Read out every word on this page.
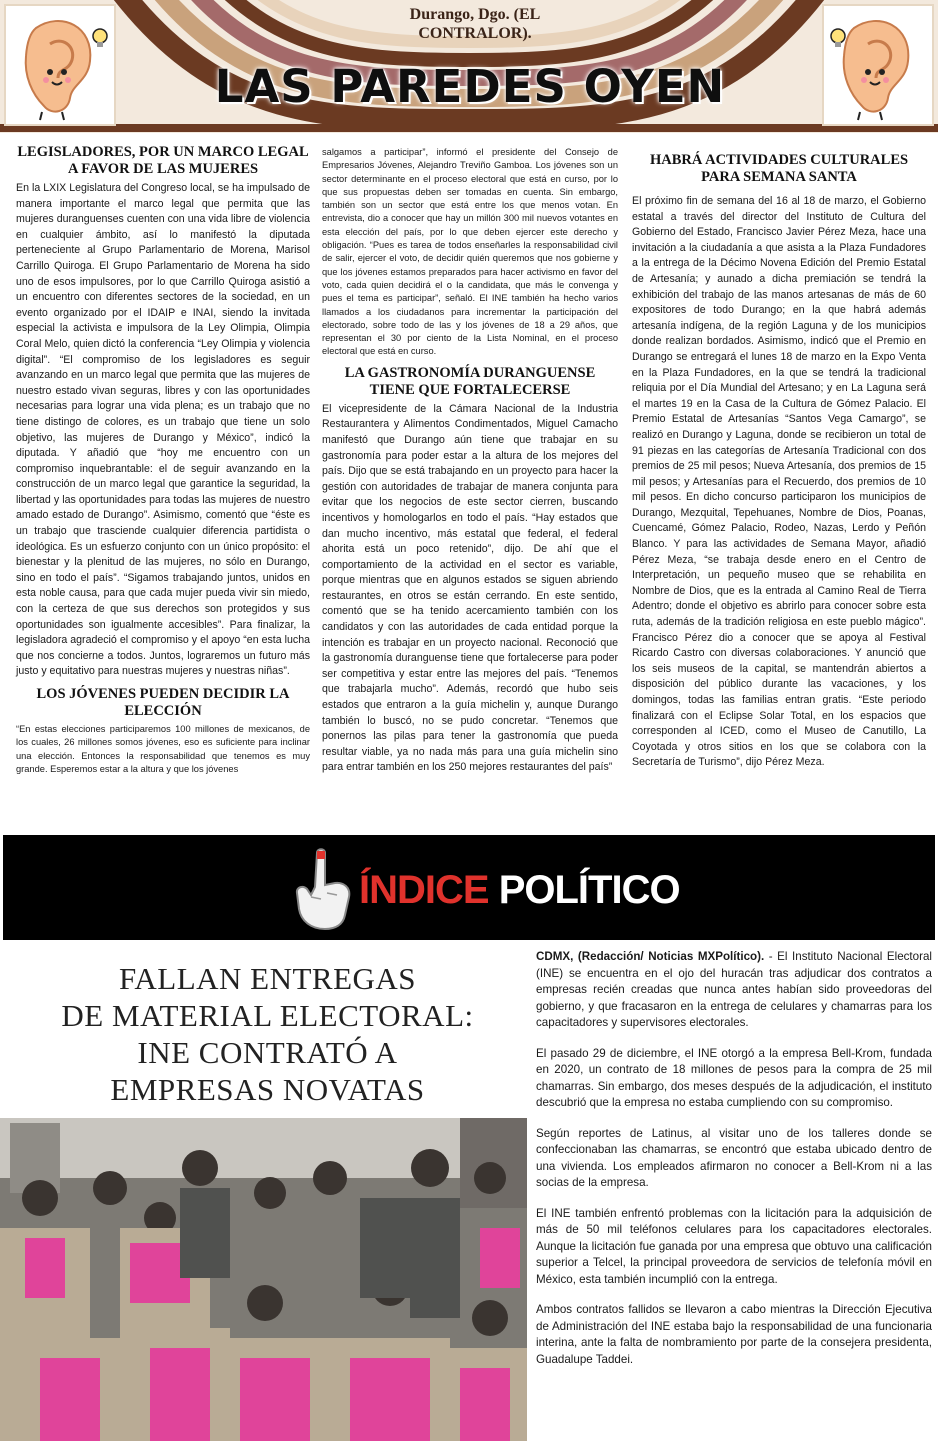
Durango, Dgo. (EL CONTRALOR).
LAS PAREDES OYEN
LEGISLADORES, POR UN MARCO LEGAL A FAVOR DE LAS MUJERES

En la LXIX Legislatura del Congreso local, se ha impulsado de manera importante el marco legal que permita que las mujeres duranguenses cuenten con una vida libre de violencia en cualquier ámbito, así lo manifestó la diputada perteneciente al Grupo Parlamentario de Morena, Marisol Carrillo Quiroga. El Grupo Parlamentario de Morena ha sido uno de esos impulsores, por lo que Carrillo Quiroga asistió a un encuentro con diferentes sectores de la sociedad, en un evento organizado por el IDAIP e INAI, siendo la invitada especial la activista e impulsora de la Ley Olimpia, Olimpia Coral Melo, quien dictó la conferencia “Ley Olimpia y violencia digital”. “El compromiso de los legisladores es seguir avanzando en un marco legal que permita que las mujeres de nuestro estado vivan seguras, libres y con las oportunidades necesarias para lograr una vida plena; es un trabajo que no tiene distingo de colores, es un trabajo que tiene un solo objetivo, las mujeres de Durango y México”, indicó la diputada. Y añadió que “hoy me encuentro con un compromiso inquebrantable: el de seguir avanzando en la construcción de un marco legal que garantice la seguridad, la libertad y las oportunidades para todas las mujeres de nuestro amado estado de Durango”. Asimismo, comentó que “éste es un trabajo que trasciende cualquier diferencia partidista o ideológica. Es un esfuerzo conjunto con un único propósito: el bienestar y la plenitud de las mujeres, no sólo en Durango, sino en todo el país”. “Sigamos trabajando juntos, unidos en esta noble causa, para que cada mujer pueda vivir sin miedo, con la certeza de que sus derechos son protegidos y sus oportunidades son igualmente accesibles”. Para finalizar, la legisladora agradeció el compromiso y el apoyo “en esta lucha que nos concierne a todos. Juntos, lograremos un futuro más justo y equitativo para nuestras mujeres y nuestras niñas”.

LOS JÓVENES PUEDEN DECIDIR LA ELECCIÓN

“En estas elecciones participaremos 100 millones de mexicanos, de los cuales, 26 millones somos jóvenes, eso es suficiente para inclinar una elección. Entonces la responsabilidad que tenemos es muy grande. Esperemos estar a la altura y que los jóvenes

salgamos a participar”, informó el presidente del Consejo de Empresarios Jóvenes, Alejandro Treviño Gamboa. Los jóvenes son un sector determinante en el proceso electoral que está en curso, por lo que sus propuestas deben ser tomadas en cuenta. Sin embargo, también son un sector que está entre los que menos votan. En entrevista, dio a conocer que hay un millón 300 mil nuevos votantes en esta elección del país, por lo que deben ejercer este derecho y obligación. “Pues es tarea de todos enseñarles la responsabilidad civil de salir, ejercer el voto, de decidir quién queremos que nos gobierne y que los jóvenes estamos preparados para hacer activismo en favor del voto, cada quien decidirá el o la candidata, que más le convenga y pues el tema es participar”, señaló. El INE también ha hecho varios llamados a los ciudadanos para incrementar la participación del electorado, sobre todo de las y los jóvenes de 18 a 29 años, que representan el 30 por ciento de la Lista Nominal, en el proceso electoral que está en curso.

LA GASTRONOMÍA DURANGUENSE TIENE QUE FORTALECERSE

El vicepresidente de la Cámara Nacional de la Industria Restaurantera y Alimentos Condimentados, Miguel Camacho manifestó que Durango aún tiene que trabajar en su gastronomía para poder estar a la altura de los mejores del país. Dijo que se está trabajando en un proyecto para hacer la gestión con autoridades de trabajar de manera conjunta para evitar que los negocios de este sector cierren, buscando incentivos y homologarlos en todo el país. “Hay estados que dan mucho incentivo, más estatal que federal, el federal ahorita está un poco retenido”, dijo. De ahí que el comportamiento de la actividad en el sector es variable, porque mientras que en algunos estados se siguen abriendo restaurantes, en otros se están cerrando. En este sentido, comentó que se ha tenido acercamiento también con los candidatos y con las autoridades de cada entidad porque la intención es trabajar en un proyecto nacional. Reconoció que la gastronomía duranguense tiene que fortalecerse para poder ser competitiva y estar entre las mejores del país. “Tenemos que trabajarla mucho”. Además, recordó que hubo seis estados que entraron a la guía michelin y, aunque Durango también lo buscó, no se pudo concretar. “Tenemos que ponernos las pilas para tener la gastronomía que pueda resultar viable, ya no nada más para una guía michelin sino para entrar también en los 250 mejores restaurantes del país”

HABRÁ ACTIVIDADES CULTURALES PARA SEMANA SANTA

El próximo fin de semana del 16 al 18 de marzo, el Gobierno estatal a través del director del Instituto de Cultura del Gobierno del Estado, Francisco Javier Pérez Meza, hace una invitación a la ciudadanía a que asista a la Plaza Fundadores a la entrega de la Décimo Novena Edición del Premio Estatal de Artesanía; y aunado a dicha premiación se tendrá la exhibición del trabajo de las manos artesanas de más de 60 expositores de todo Durango; en la que habrá además artesanía indígena, de la región Laguna y de los municipios donde realizan bordados. Asimismo, indicó que el Premio en Durango se entregará el lunes 18 de marzo en la Expo Venta en la Plaza Fundadores, en la que se tendrá la tradicional reliquia por el Día Mundial del Artesano; y en La Laguna será el martes 19 en la Casa de la Cultura de Gómez Palacio. El Premio Estatal de Artesanías “Santos Vega Camargo”, se realizó en Durango y Laguna, donde se recibieron un total de 91 piezas en las categorías de Artesanía Tradicional con dos premios de 25 mil pesos; Nueva Artesanía, dos premios de 15 mil pesos; y Artesanías para el Recuerdo, dos premios de 10 mil pesos. En dicho concurso participaron los municipios de Durango, Mezquital, Tepehuanes, Nombre de Dios, Poanas, Cuencamé, Gómez Palacio, Rodeo, Nazas, Lerdo y Peñón Blanco. Y para las actividades de Semana Mayor, añadió Pérez Meza, “se trabaja desde enero en el Centro de Interpretación, un pequeño museo que se rehabilita en Nombre de Dios, que es la entrada al Camino Real de Tierra Adentro; donde el objetivo es abrirlo para conocer sobre esta ruta, además de la tradición religiosa en este pueblo mágico”. Francisco Pérez dio a conocer que se apoya al Festival Ricardo Castro con diversas colaboraciones. Y anunció que los seis museos de la capital, se mantendrán abiertos a disposición del público durante las vacaciones, y los domingos, todas las familias entran gratis. “Este periodo finalizará con el Eclipse Solar Total, en los espacios que corresponden al ICED, como el Museo de Canutillo, La Coyotada y otros sitios en los que se colabora con la Secretaría de Turismo”, dijo Pérez Meza.

ÍNDICE POLÍTICO
FALLAN ENTREGAS
DE MATERIAL ELECTORAL:
INE CONTRATÓ A
EMPRESAS NOVATAS

CDMX, (Redacción/ Noticias MXPolítico). - El Instituto Nacional Electoral (INE) se encuentra en el ojo del huracán tras adjudicar dos contratos a empresas recién creadas que nunca antes habían sido proveedoras del gobierno, y que fracasaron en la entrega de celulares y chamarras para los capacitadores y supervisores electorales.

El pasado 29 de diciembre, el INE otorgó a la empresa Bell-Krom, fundada en 2020, un contrato de 18 millones de pesos para la compra de 25 mil chamarras. Sin embargo, dos meses después de la adjudicación, el instituto descubrió que la empresa no estaba cumpliendo con su compromiso.

Según reportes de Latinus, al visitar uno de los talleres donde se confeccionaban las chamarras, se encontró que estaba ubicado dentro de una vivienda. Los empleados afirmaron no conocer a Bell-Krom ni a las socias de la empresa.

El INE también enfrentó problemas con la licitación para la adquisición de más de 50 mil teléfonos celulares para los capacitadores electorales. Aunque la licitación fue ganada por una empresa que obtuvo una calificación superior a Telcel, la principal proveedora de servicios de telefonía móvil en México, esta también incumplió con la entrega.

Ambos contratos fallidos se llevaron a cabo mientras la Dirección Ejecutiva de Administración del INE estaba bajo la responsabilidad de una funcionaria interina, ante la falta de nombramiento por parte de la consejera presidenta, Guadalupe Taddei.
